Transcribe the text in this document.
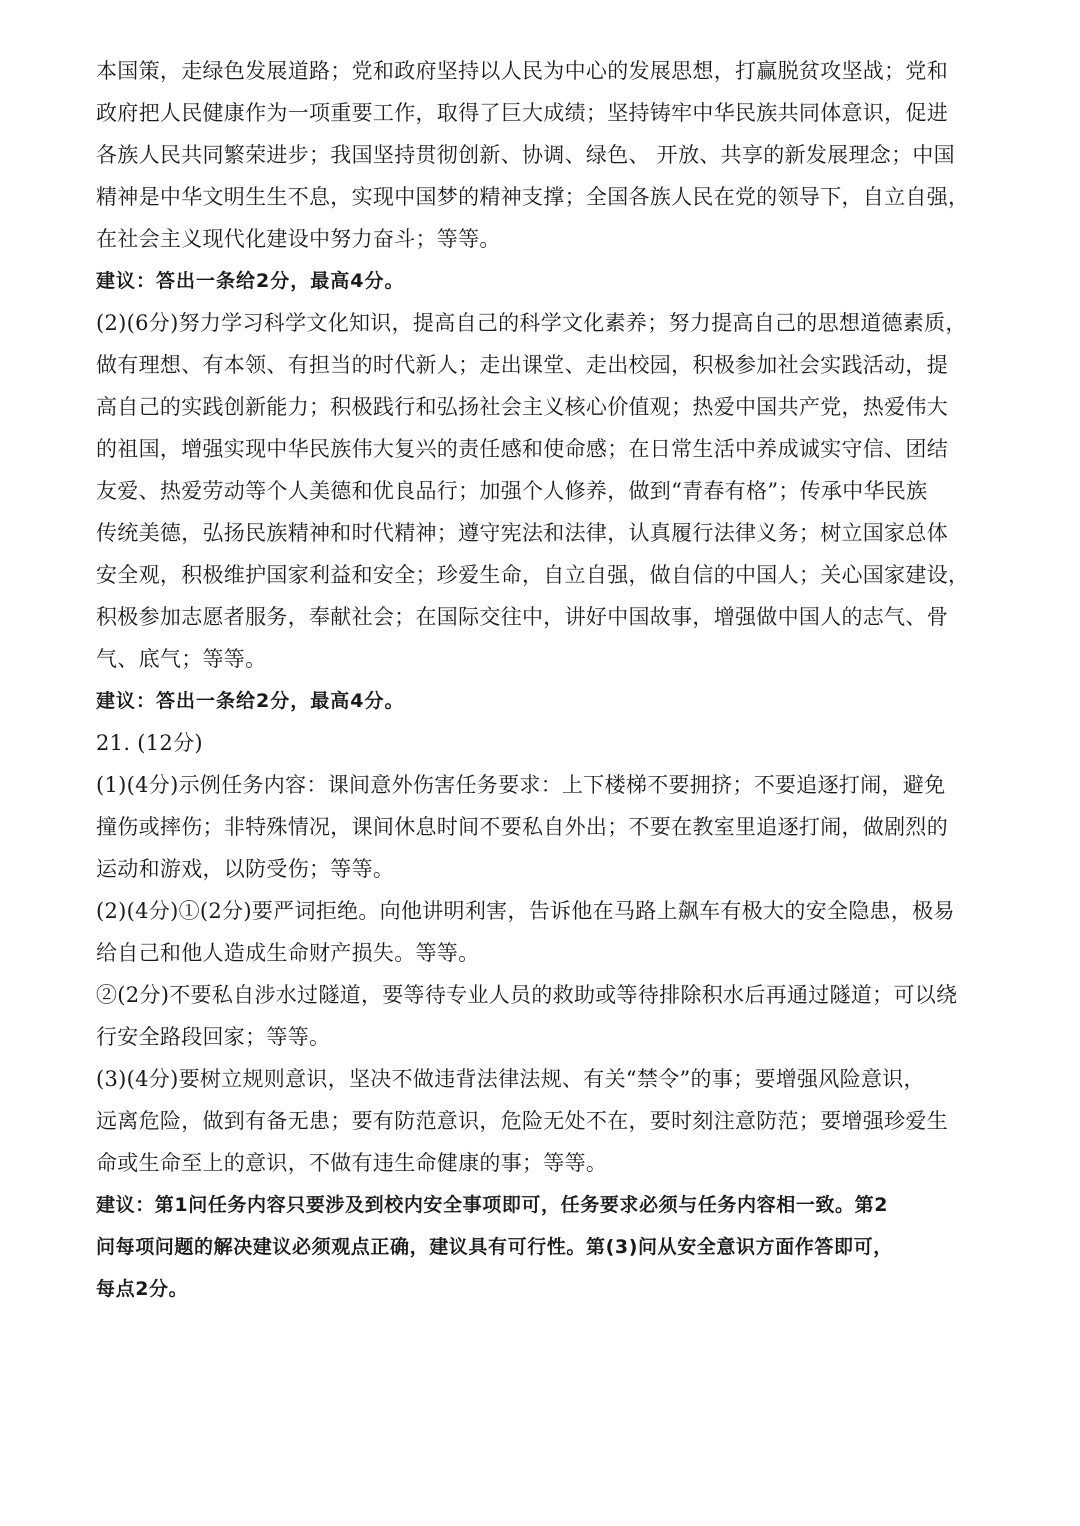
本国策，走绿色发展道路；党和政府坚持以人民为中心的发展思想，打赢脱贫攻坚战；党和
政府把人民健康作为一项重要工作，取得了巨大成绩；坚持铸牢中华民族共同体意识，促进
各族人民共同繁荣进步；我国坚持贯彻创新、协调、绿色、 开放、共享的新发展理念；中国
精神是中华文明生生不息，实现中国梦的精神支撑；全国各族人民在党的领导下，自立自强，
在社会主义现代化建设中努力奋斗；等等。
建议：答出一条给2分，最高4分。
(2)(6分)努力学习科学文化知识，提高自己的科学文化素养；努力提高自己的思想道德素质，
做有理想、有本领、有担当的时代新人；走出课堂、走出校园，积极参加社会实践活动，提
高自己的实践创新能力；积极践行和弘扬社会主义核心价值观；热爱中国共产党，热爱伟大
的祖国，增强实现中华民族伟大复兴的责任感和使命感；在日常生活中养成诚实守信、团结
友爱、热爱劳动等个人美德和优良品行；加强个人修养，做到“青春有格”；传承中华民族
传统美德，弘扬民族精神和时代精神；遵守宪法和法律，认真履行法律义务；树立国家总体
安全观，积极维护国家利益和安全；珍爱生命，自立自强，做自信的中国人；关心国家建设，
积极参加志愿者服务，奉献社会；在国际交往中，讲好中国故事，增强做中国人的志气、骨
气、底气；等等。
建议：答出一条给2分，最高4分。
21. (12分)
(1)(4分)示例任务内容：课间意外伤害任务要求：上下楼梯不要拥挤；不要追逐打闹，避免
撞伤或摔伤；非特殊情况，课间休息时间不要私自外出；不要在教室里追逐打闹，做剧烈的
运动和游戏，以防受伤；等等。
(2)(4分)①(2分)要严词拒绝。向他讲明利害，告诉他在马路上飙车有极大的安全隐患，极易
给自己和他人造成生命财产损失。等等。
②(2分)不要私自涉水过隧道，要等待专业人员的救助或等待排除积水后再通过隧道；可以绕
行安全路段回家；等等。
(3)(4分)要树立规则意识，坚决不做违背法律法规、有关“禁令”的事；要增强风险意识，
远离危险，做到有备无患；要有防范意识，危险无处不在，要时刻注意防范；要增强珍爱生
命或生命至上的意识，不做有违生命健康的事；等等。
建议：第1问任务内容只要涉及到校内安全事项即可，任务要求必须与任务内容相一致。第2
问每项问题的解决建议必须观点正确，建议具有可行性。第(3)问从安全意识方面作答即可，
每点2分。
